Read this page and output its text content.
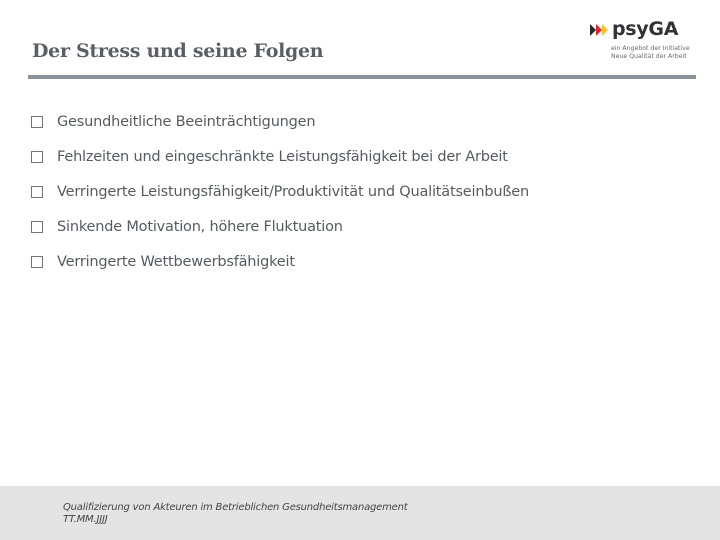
Der Stress und seine Folgen
psyGA
ein Angebot der Initiative
Neue Qualität der Arbeit
Gesundheitliche Beeinträchtigungen
Fehlzeiten und eingeschränkte Leistungsfähigkeit bei der Arbeit
Verringerte Leistungsfähigkeit/Produktivität und Qualitätseinbußen
Sinkende Motivation, höhere Fluktuation
Verringerte Wettbewerbsfähigkeit
Qualifizierung von Akteuren im Betrieblichen Gesundheitsmanagement
TT.MM.JJJJ
